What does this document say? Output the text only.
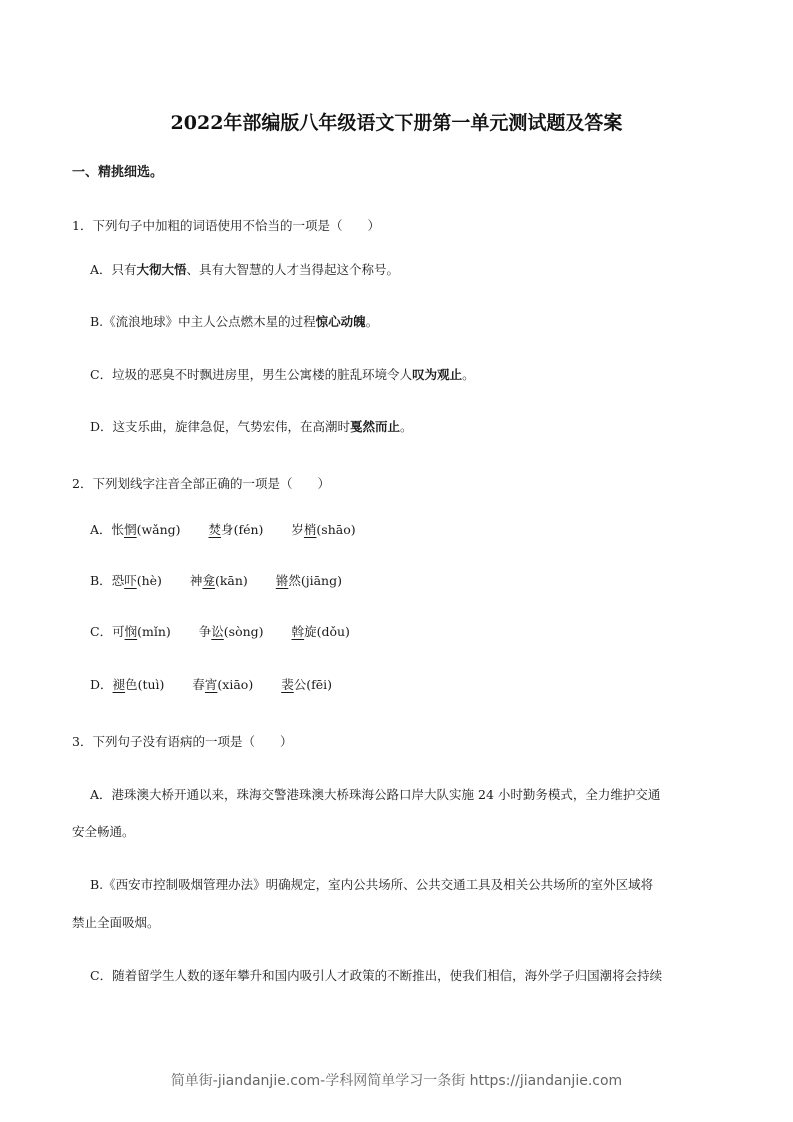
2022年部编版八年级语文下册第一单元测试题及答案
一、精挑细选。
1．下列句子中加粗的词语使用不恰当的一项是（　　）
A．只有大彻大悟、具有大智慧的人才当得起这个称号。
B.《流浪地球》中主人公点燃木星的过程惊心动魄。
C．垃圾的恶臭不时飘进房里，男生公寓楼的脏乱环境令人叹为观止。
D．这支乐曲，旋律急促，气势宏伟，在高潮时戛然而止。
2．下列划线字注音全部正确的一项是（　　）
A．怅惘(wǎng) 焚身(fén) 岁梢(shāo)
B．恐吓(hè) 神龛(kān) 锵然(jiāng)
C．可悯(mǐn) 争讼(sòng) 斡旋(dǒu)
D．褪色(tuì) 春宵(xiāo) 裴公(fēi)
3．下列句子没有语病的一项是（　　）
A．港珠澳大桥开通以来，珠海交警港珠澳大桥珠海公路口岸大队实施 24 小时勤务模式，全力维护交通
安全畅通。
B.《西安市控制吸烟管理办法》明确规定，室内公共场所、公共交通工具及相关公共场所的室外区域将
禁止全面吸烟。
C．随着留学生人数的逐年攀升和国内吸引人才政策的不断推出，使我们相信，海外学子归国潮将会持续
简单街-jiandanjie.com-学科网简单学习一条街 https://jiandanjie.com
